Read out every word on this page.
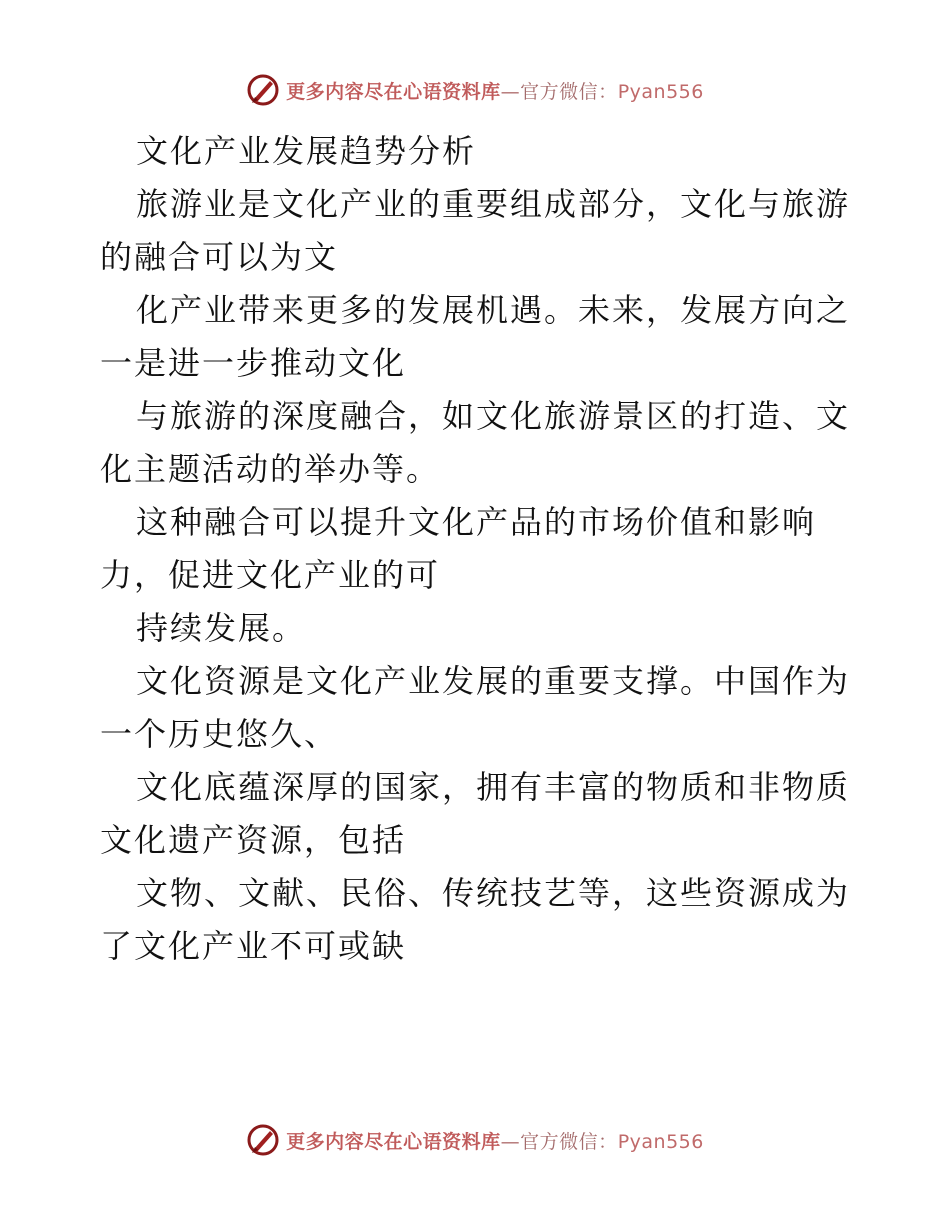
更多内容尽在心语资料库—官方微信：Pyan556
文化产业发展趋势分析
旅游业是文化产业的重要组成部分，文化与旅游
的融合可以为文
化产业带来更多的发展机遇。未来，发展方向之
一是进一步推动文化
与旅游的深度融合，如文化旅游景区的打造、文
化主题活动的举办等。
这种融合可以提升文化产品的市场价值和影响
力，促进文化产业的可
持续发展。
文化资源是文化产业发展的重要支撑。中国作为
一个历史悠久、
文化底蕴深厚的国家，拥有丰富的物质和非物质
文化遗产资源，包括
文物、文献、民俗、传统技艺等，这些资源成为
了文化产业不可或缺
更多内容尽在心语资料库—官方微信：Pyan556
